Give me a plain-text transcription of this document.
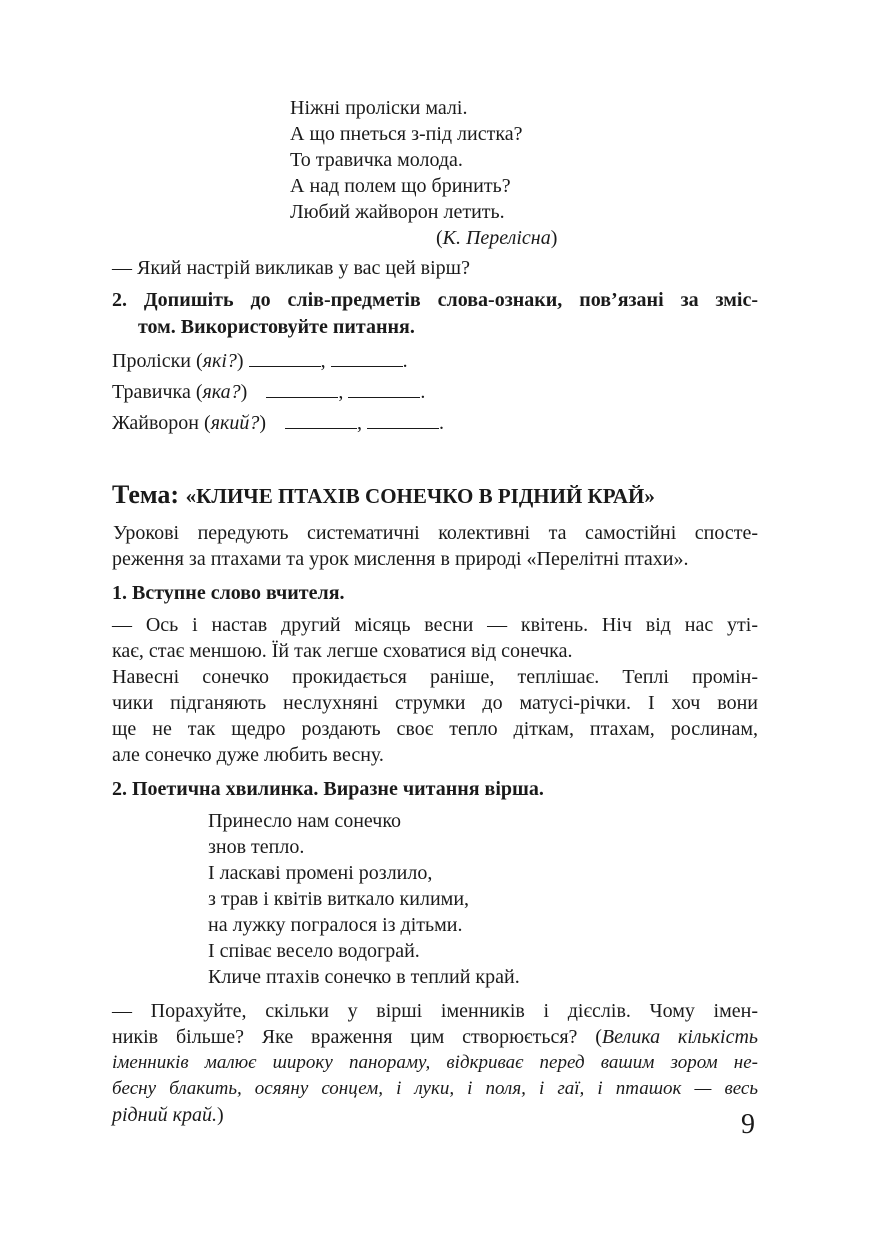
Ніжні проліски малі.
А що пнеться з-під листка?
То травичка молода.
А над полем що бринить?
Любий жайворон летить.
(К. Перелісна)
— Який настрій викликав у вас цей вірш?
2. Допишіть до слів-предметів слова-ознаки, пов’язані за зміс-
том. Використовуйте питання.
Проліски (які?)	,	.
Травичка (яка?)	,	.
Жайворон (який?)	,	.
Тема: «КЛИЧЕ ПТАХІВ СОНЕЧКО В РІДНИЙ КРАЙ»
Урокові передують систематичні колективні та самостійні спосте-
реження за птахами та урок мислення в природі «Перелітні птахи».
1. Вступне слово вчителя.
— Ось і настав другий місяць весни — квітень. Ніч від нас уті-
кає, стає меншою. Їй так легше сховатися від сонечка.
Навесні сонечко прокидається раніше, теплішає. Теплі промін-
чики підганяють неслухняні струмки до матусі-річки. І хоч вони
ще не так щедро роздають своє тепло діткам, птахам, рослинам,
але сонечко дуже любить весну.
2. Поетична хвилинка. Виразне читання вірша.
Принесло нам сонечко
знов тепло.
І ласкаві промені розлило,
з трав і квітів виткало килими,
на лужку погралося із дітьми.
І співає весело водограй.
Кличе птахів сонечко в теплий край.
— Порахуйте, скільки у вірші іменників і дієслів. Чому імен-
ників більше? Яке враження цим створюється? (Велика кількість
іменників малює широку панораму, відкриває перед вашим зором не-
бесну блакить, осяяну сонцем, і луки, і поля, і гаї, і пташок — весь
рідний край.)	9
